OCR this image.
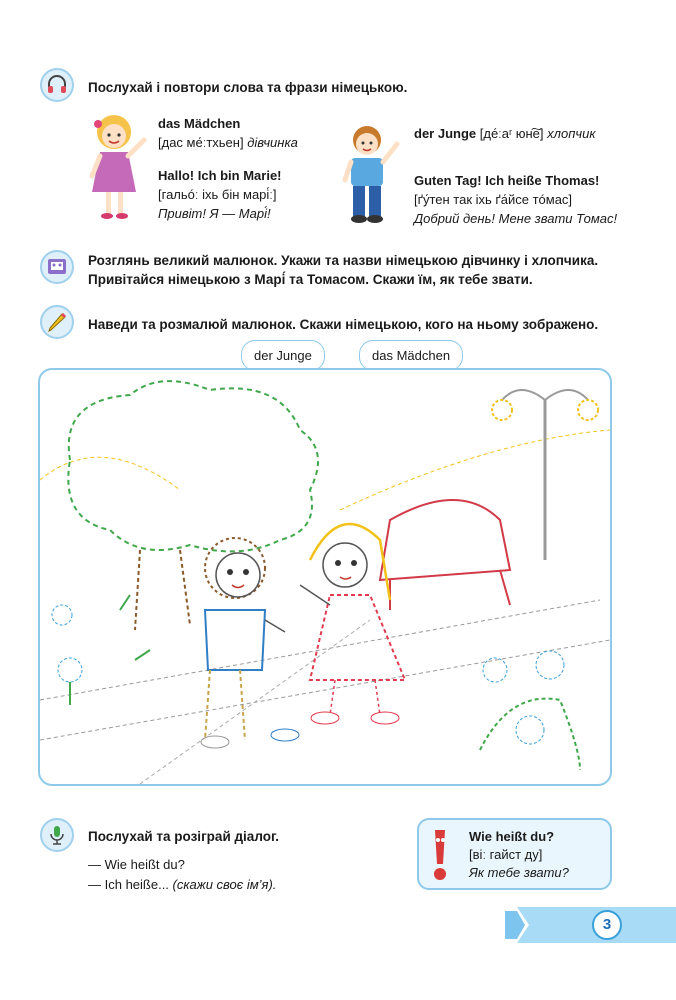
Послухай і повтори слова та фрази німецькою.
das Mädchen
[дас ме́ːтхьен] дівчинка
Hallo! Ich bin Marie!
[гальóː іхь бін марі́ː]
Привіт! Я — Марі́!
der Junge [де́ːаʳ юн͠е] хлопчик
Guten Tag! Ich heiße Thomas!
[ґу́тен так іхь ґа́йсе тóмас]
Добрий день! Мене звати Томас!
Розглянь великий малюнок. Укажи та назви німецькою дівчинку і хлопчика.
Привітайся німецькою з Марі́ та Томасом. Скажи їм, як тебе звати.
Наведи та розмалюй малюнок. Скажи німецькою, кого на ньому зображено.
der Junge	das Mädchen
Послухай та розіграй діалог.
— Wie heißt du?
— Ich heiße... (скажи своє ім’я).
Wie heißt du?
[віː гайст ду]
Як тебе звати?
3
